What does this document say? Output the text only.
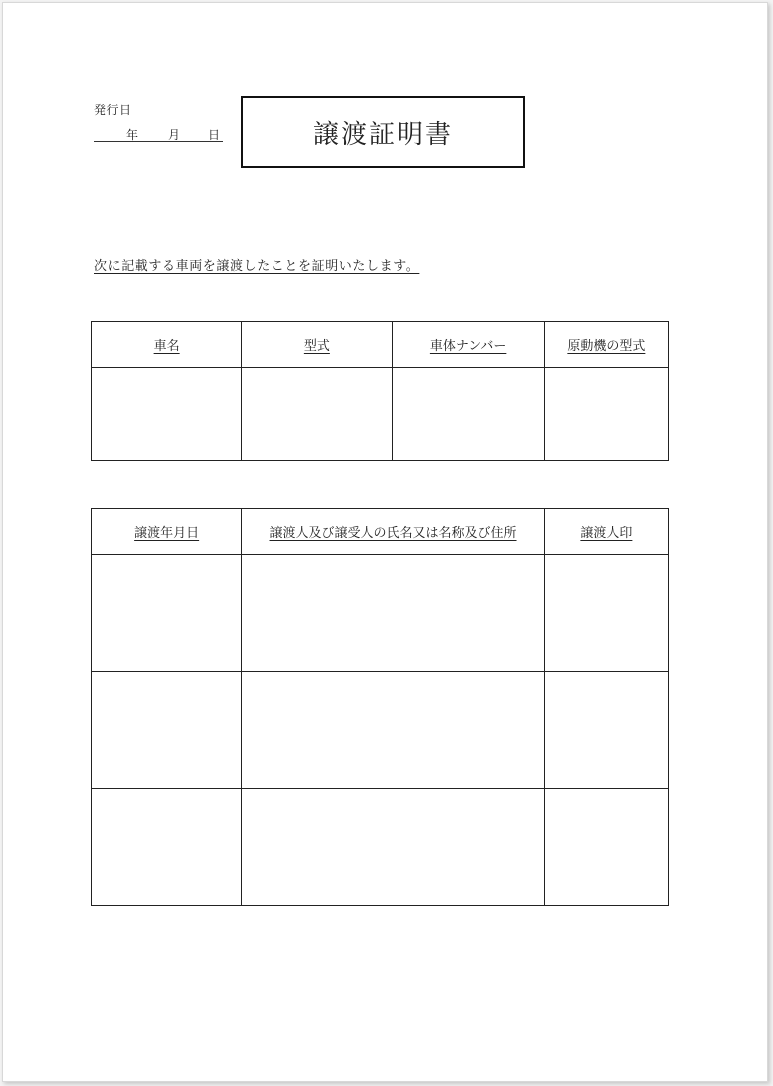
発行日
年 月 日	譲渡証明書
次に記載する車両を譲渡したことを証明いたします。
車名	型式	車体ナンバー	原動機の型式

譲渡年月日	譲渡人及び譲受人の氏名又は名称及び住所	譲渡人印
